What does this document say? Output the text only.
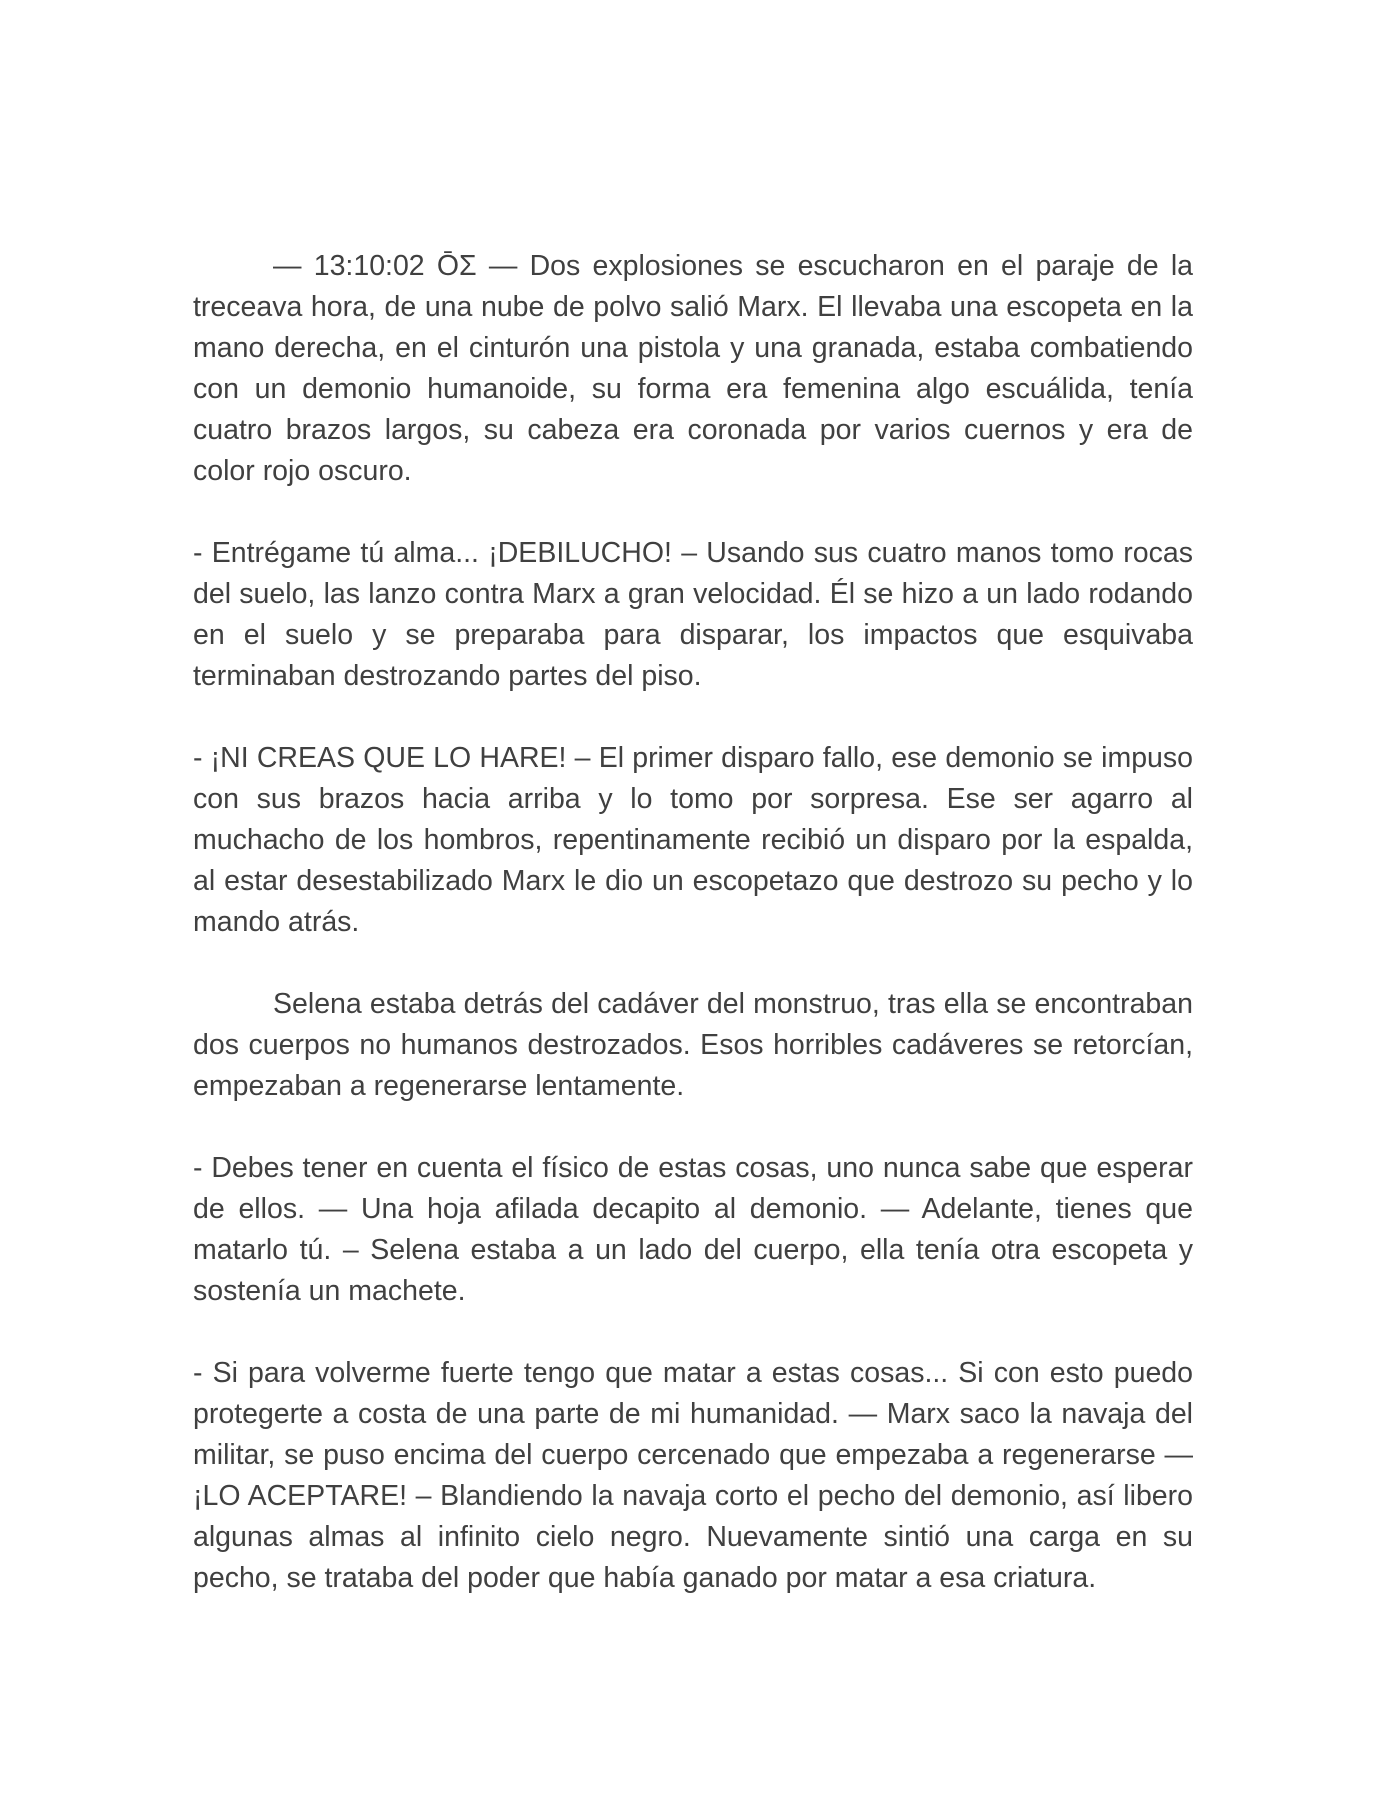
— 13:10:02 ŌΣ — Dos explosiones se escucharon en el paraje de la treceava hora, de una nube de polvo salió Marx. El llevaba una escopeta en la mano derecha, en el cinturón una pistola y una granada, estaba combatiendo con un demonio humanoide, su forma era femenina algo escuálida, tenía cuatro brazos largos, su cabeza era coronada por varios cuernos y era de color rojo oscuro.

- Entrégame tú alma... ¡DEBILUCHO! – Usando sus cuatro manos tomo rocas del suelo, las lanzo contra Marx a gran velocidad. Él se hizo a un lado rodando en el suelo y se preparaba para disparar, los impactos que esquivaba terminaban destrozando partes del piso.

- ¡NI CREAS QUE LO HARE! – El primer disparo fallo, ese demonio se impuso con sus brazos hacia arriba y lo tomo por sorpresa. Ese ser agarro al muchacho de los hombros, repentinamente recibió un disparo por la espalda, al estar desestabilizado Marx le dio un escopetazo que destrozo su pecho y lo mando atrás.

Selena estaba detrás del cadáver del monstruo, tras ella se encontraban dos cuerpos no humanos destrozados. Esos horribles cadáveres se retorcían, empezaban a regenerarse lentamente.

- Debes tener en cuenta el físico de estas cosas, uno nunca sabe que esperar de ellos. — Una hoja afilada decapito al demonio. — Adelante, tienes que matarlo tú. – Selena estaba a un lado del cuerpo, ella tenía otra escopeta y sostenía un machete.

- Si para volverme fuerte tengo que matar a estas cosas... Si con esto puedo protegerte a costa de una parte de mi humanidad. — Marx saco la navaja del militar, se puso encima del cuerpo cercenado que empezaba a regenerarse — ¡LO ACEPTARE! – Blandiendo la navaja corto el pecho del demonio, así libero algunas almas al infinito cielo negro. Nuevamente sintió una carga en su pecho, se trataba del poder que había ganado por matar a esa criatura.
